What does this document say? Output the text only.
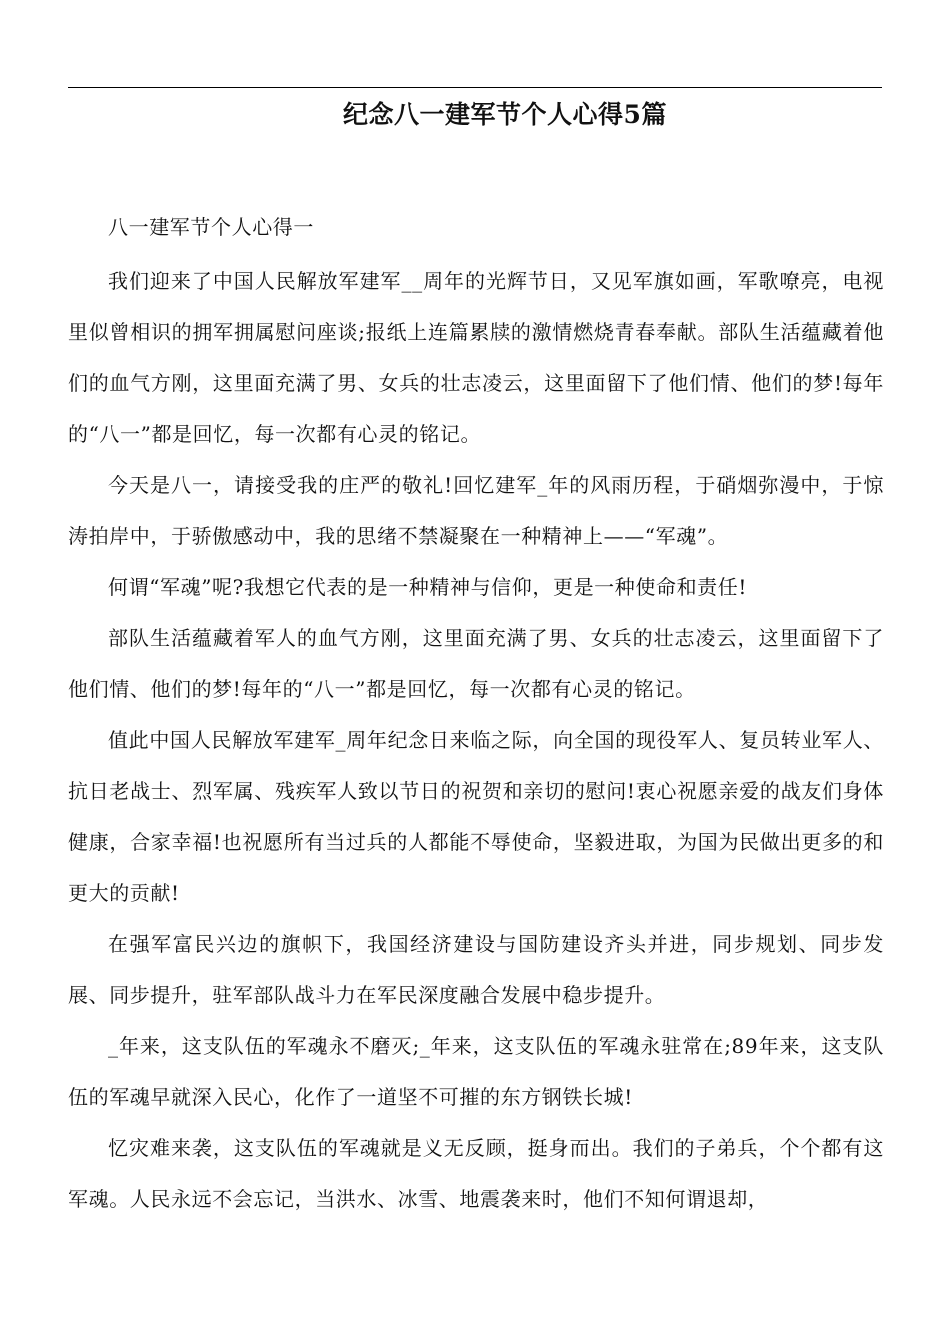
纪念八一建军节个人心得5篇

八一建军节个人心得一

我们迎来了中国人民解放军建军__周年的光辉节日，又见军旗如画，军歌嘹亮，电视里似曾相识的拥军拥属慰问座谈;报纸上连篇累牍的激情燃烧青春奉献。部队生活蕴藏着他们的血气方刚，这里面充满了男、女兵的壮志凌云，这里面留下了他们情、他们的梦!每年的“八一”都是回忆，每一次都有心灵的铭记。

今天是八一，请接受我的庄严的敬礼!回忆建军_年的风雨历程，于硝烟弥漫中，于惊涛拍岸中，于骄傲感动中，我的思绪不禁凝聚在一种精神上——“军魂”。

何谓“军魂”呢?我想它代表的是一种精神与信仰，更是一种使命和责任!

部队生活蕴藏着军人的血气方刚，这里面充满了男、女兵的壮志凌云，这里面留下了他们情、他们的梦!每年的“八一”都是回忆，每一次都有心灵的铭记。

值此中国人民解放军建军_周年纪念日来临之际，向全国的现役军人、复员转业军人、抗日老战士、烈军属、残疾军人致以节日的祝贺和亲切的慰问!衷心祝愿亲爱的战友们身体健康，合家幸福!也祝愿所有当过兵的人都能不辱使命，坚毅进取，为国为民做出更多的和更大的贡献!

在强军富民兴边的旗帜下，我国经济建设与国防建设齐头并进，同步规划、同步发展、同步提升，驻军部队战斗力在军民深度融合发展中稳步提升。

_年来，这支队伍的军魂永不磨灭;_年来，这支队伍的军魂永驻常在;89年来，这支队伍的军魂早就深入民心，化作了一道坚不可摧的东方钢铁长城!

忆灾难来袭，这支队伍的军魂就是义无反顾，挺身而出。我们的子弟兵，个个都有这军魂。人民永远不会忘记，当洪水、冰雪、地震袭来时，他们不知何谓退却，
